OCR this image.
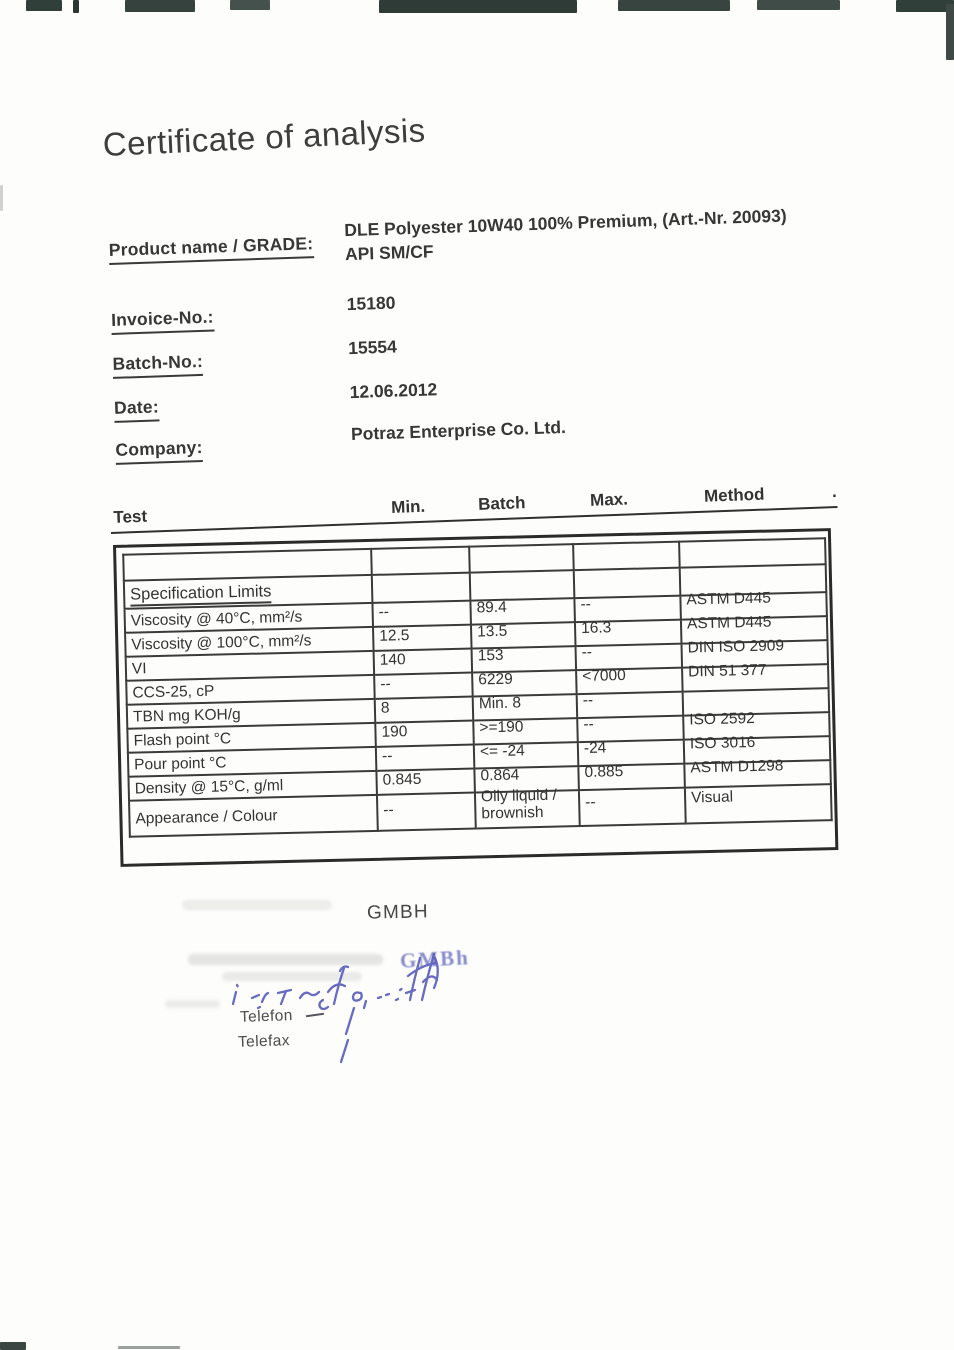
Certificate of analysis
Product name / GRADE:
DLE Polyester 10W40 100% Premium, (Art.-Nr. 20093)
API SM/CF
Invoice-No.:
15180
Batch-No.:
15554
Date:
12.06.2012
Company:
Potraz Enterprise Co. Ltd.
Test	Min.	Batch	Max.	Method	.

Specification Limits				
Viscosity @ 40°C, mm²/s	--	89.4	--	ASTM D445
Viscosity @ 100°C, mm²/s	12.5	13.5	16.3	ASTM D445
VI	140	153	--	DIN ISO 2909
CCS-25, cP	--	6229	<7000	DIN 51 377
TBN mg KOH/g	8	Min. 8	--	
Flash point °C	190	>=190	--	ISO 2592
Pour point °C	--	<= -24	-24	ISO 3016
Density @ 15°C, g/ml	0.845	0.864	0.885	ASTM D1298
Appearance / Colour	--	Oily liquid / brownish	--	Visual
GMBH
GMBh
Telefon
Telefax
